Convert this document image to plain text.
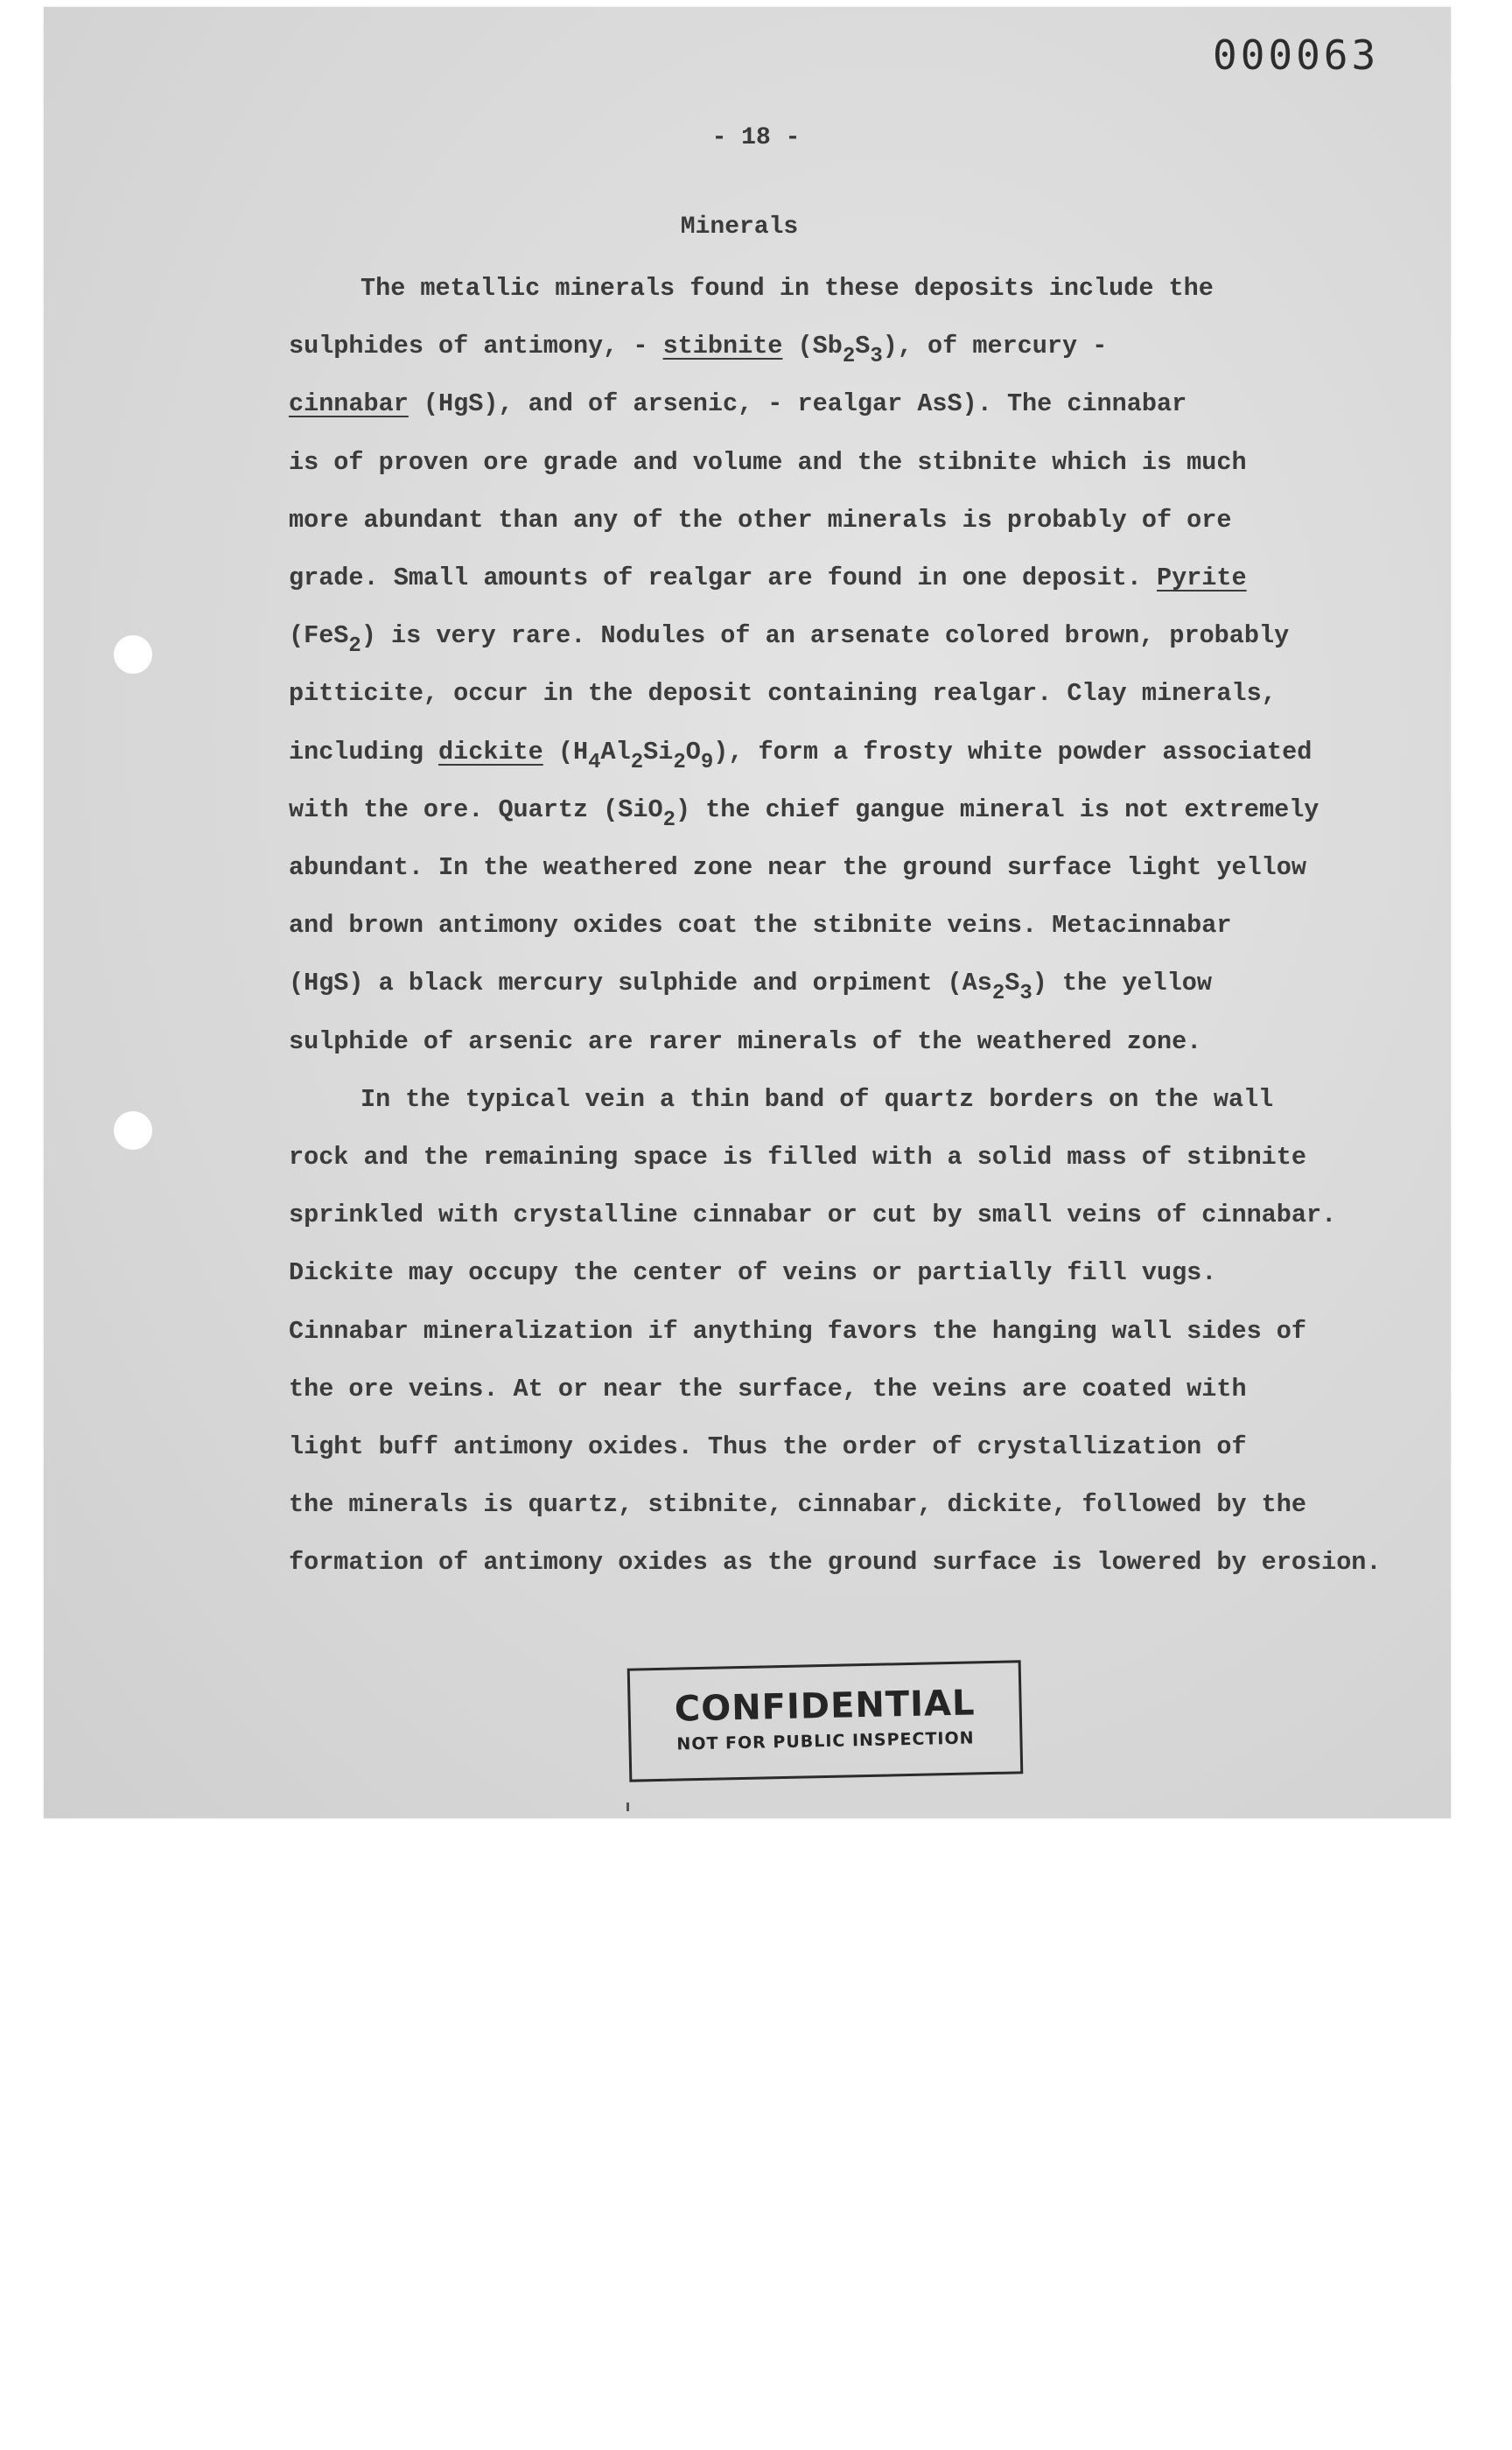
000063
- 18 -
Minerals
The metallic minerals found in these deposits include the
sulphides of antimony, - stibnite $(Sb_2S_3)$, of mercury -
cinnabar (HgS), and of arsenic, - realgar AsS). The cinnabar
is of proven ore grade and volume and the stibnite which is much
more abundant than any of the other minerals is probably of ore
grade. Small amounts of realgar are found in one deposit. Pyrite
(FeS$_2$) is very rare. Nodules of an arsenate colored brown, probably
pitticite, occur in the deposit containing realgar. Clay minerals,
including dickite $(H_4Al_2Si_2O_9)$, form a frosty white powder associated
with the ore. Quartz (SiO$_2$) the chief gangue mineral is not extremely
abundant. In the weathered zone near the ground surface light yellow
and brown antimony oxides coat the stibnite veins. Metacinnabar
(HgS) a black mercury sulphide and orpiment $(As_2S_3)$ the yellow
sulphide of arsenic are rarer minerals of the weathered zone.
In the typical vein a thin band of quartz borders on the wall
rock and the remaining space is filled with a solid mass of stibnite
sprinkled with crystalline cinnabar or cut by small veins of cinnabar.
Dickite may occupy the center of veins or partially fill vugs.
Cinnabar mineralization if anything favors the hanging wall sides of
the ore veins. At or near the surface, the veins are coated with
light buff antimony oxides. Thus the order of crystallization of
the minerals is quartz, stibnite, cinnabar, dickite, followed by the
formation of antimony oxides as the ground surface is lowered by erosion.
CONFIDENTIAL
NOT FOR PUBLIC INSPECTION
